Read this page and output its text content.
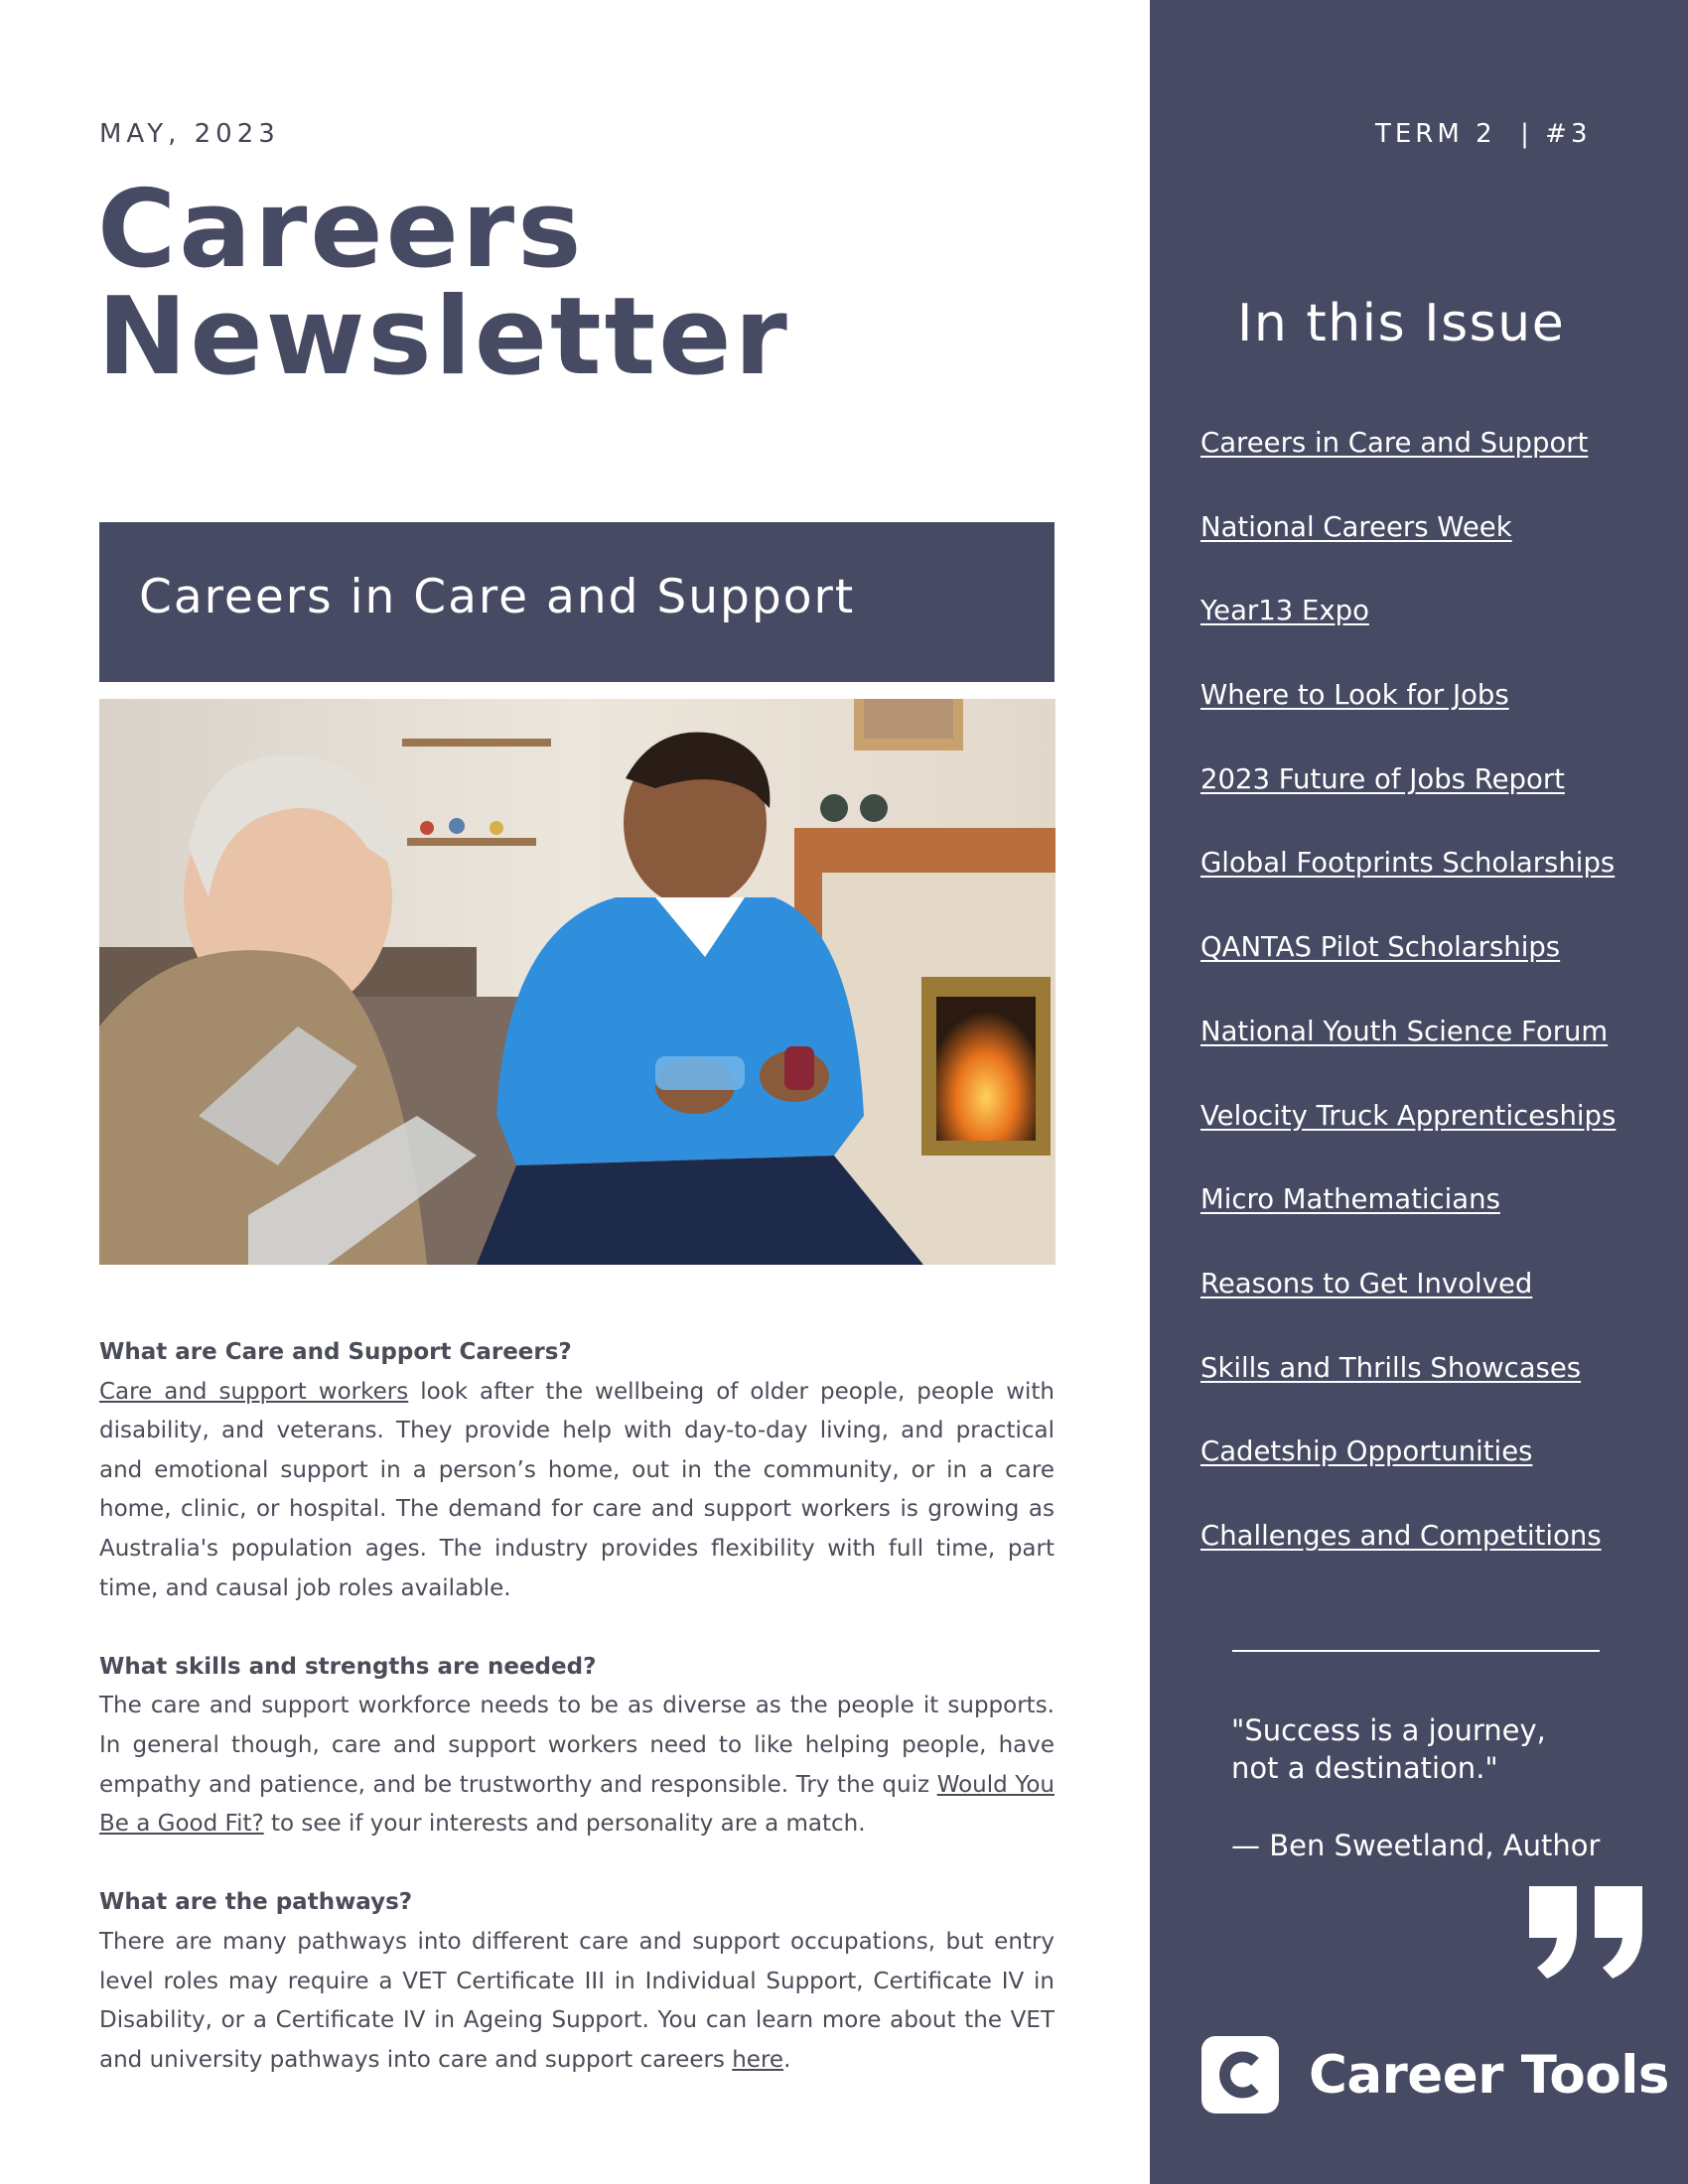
MAY, 2023
Careers
Newsletter
Careers in Care and Support

What are Care and Support Careers?
Care and support workers look after the wellbeing of older people, people with disability, and veterans. They provide help with day-to-day living, and practical and emotional support in a person’s home, out in the community, or in a care home, clinic, or hospital. The demand for care and support workers is growing as Australia's population ages. The industry provides flexibility with full time, part time, and causal job roles available.

What skills and strengths are needed?
The care and support workforce needs to be as diverse as the people it supports. In general though, care and support workers need to like helping people, have empathy and patience, and be trustworthy and responsible. Try the quiz Would You Be a Good Fit? to see if your interests and personality are a match.

What are the pathways?
There are many pathways into different care and support occupations, but entry level roles may require a VET Certificate III in Individual Support, Certificate IV in Disability, or a Certificate IV in Ageing Support. You can learn more about the VET and university pathways into care and support careers here.

TERM 2  | #3
In this Issue
Careers in Care and Support
National Careers Week
Year13 Expo
Where to Look for Jobs
2023 Future of Jobs Report
Global Footprints Scholarships
QANTAS Pilot Scholarships
National Youth Science Forum
Velocity Truck Apprenticeships
Micro Mathematicians
Reasons to Get Involved
Skills and Thrills Showcases
Cadetship Opportunities
Challenges and Competitions
"Success is a journey,
not a destination."
— Ben Sweetland, Author
Career Tools
